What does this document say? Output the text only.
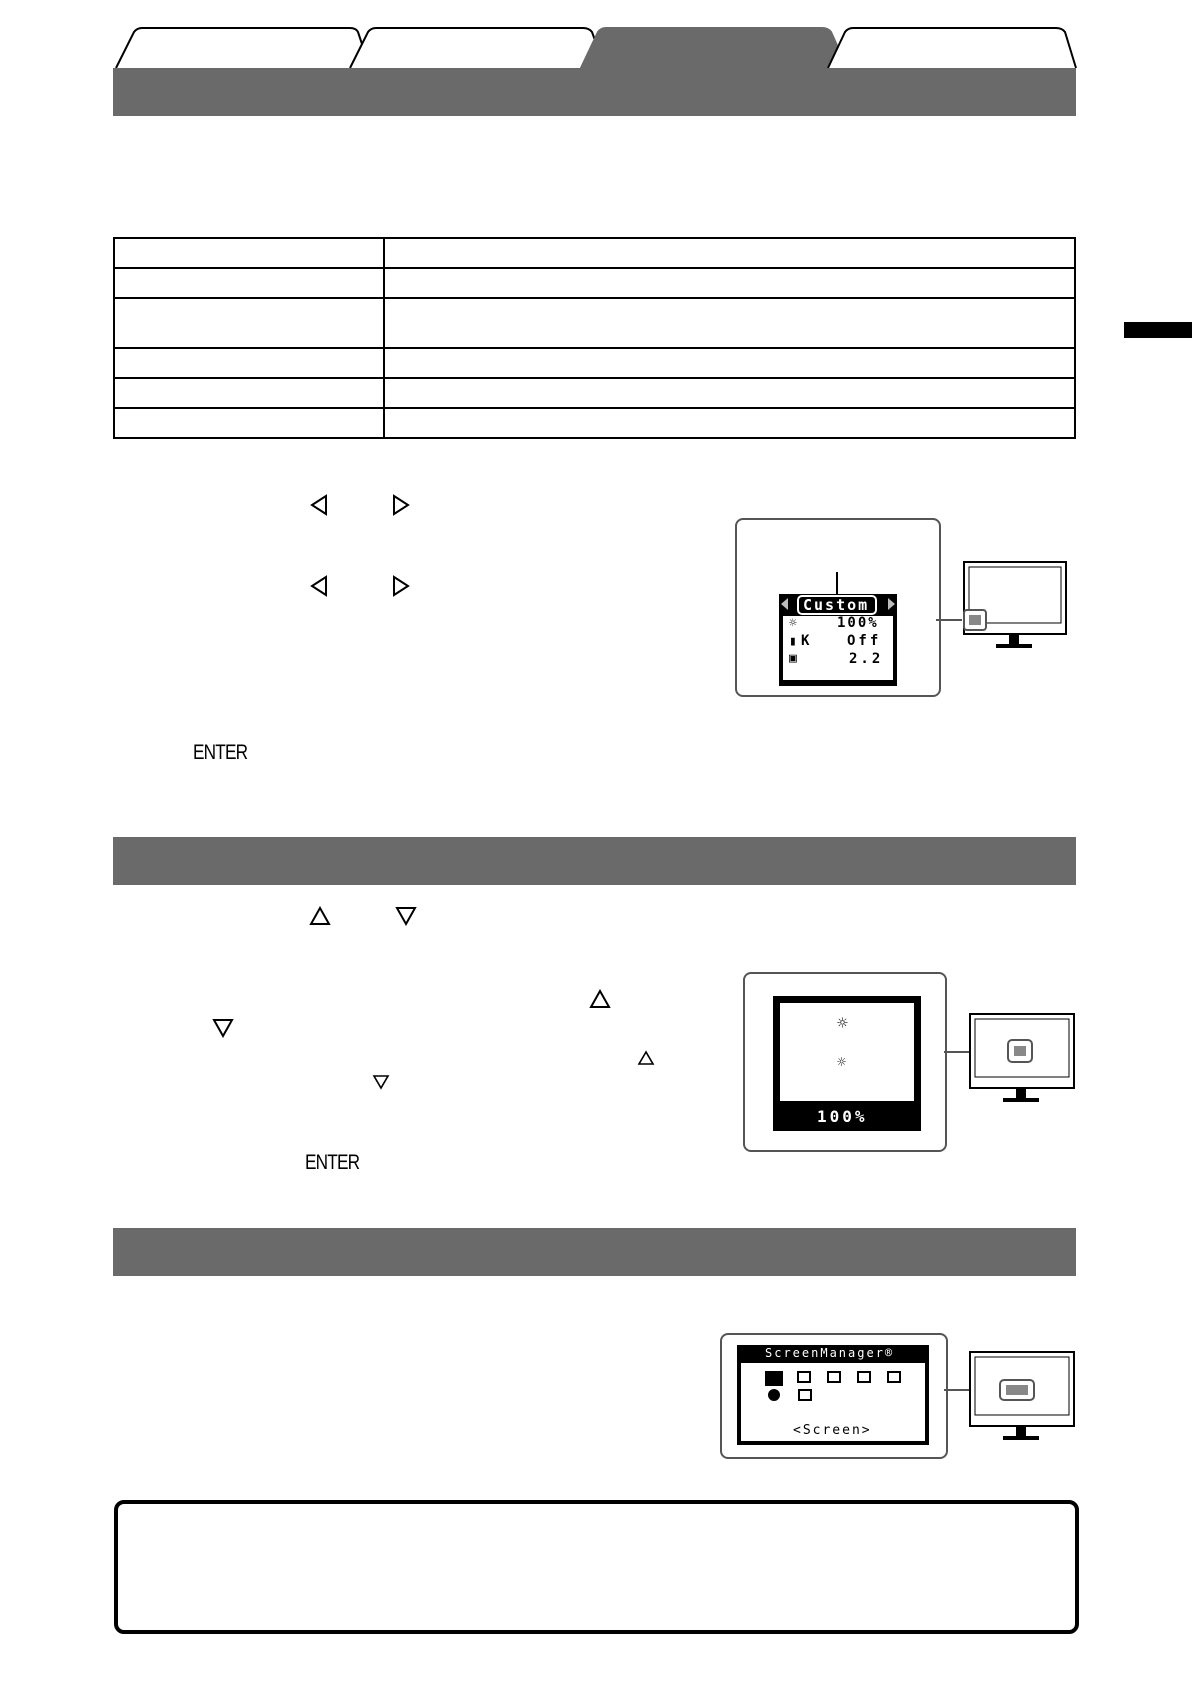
ENTER
Custom
☼	100%
▮ K	Off
▣	2.2
ENTER
☼
☼
100%
ScreenManager®
<Screen>
